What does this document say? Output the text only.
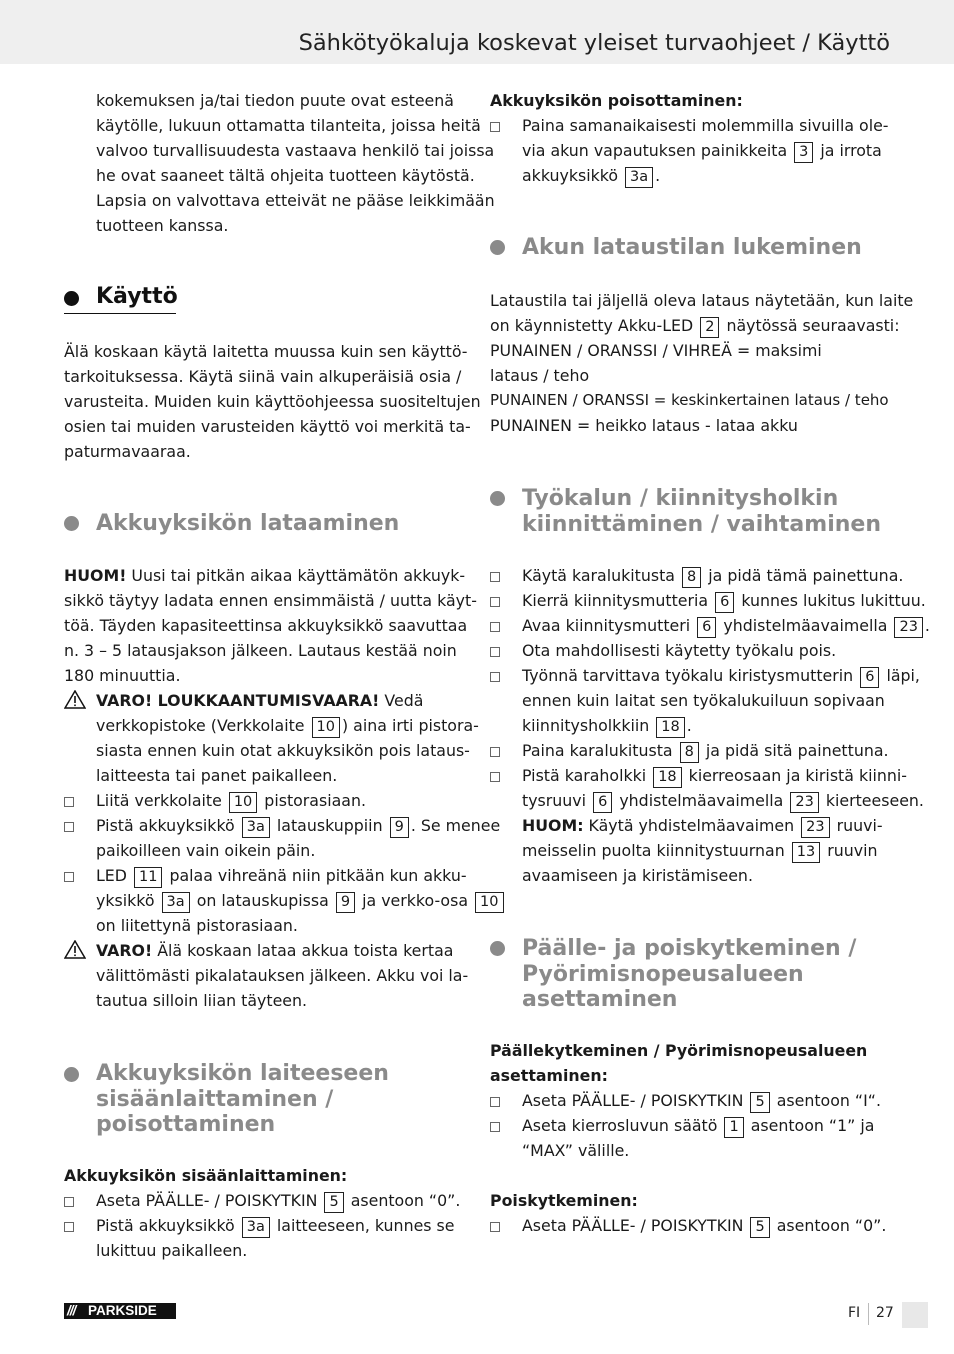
Sähkötyökaluja koskevat yleiset turvaohjeet / Käyttö
kokemuksen ja/tai tiedon puute ovat esteenä
käytölle, lukuun ottamatta tilanteita, joissa heitä
valvoo turvallisuudesta vastaava henkilö tai joissa
he ovat saaneet tältä ohjeita tuotteen käytöstä.
Lapsia on valvottava etteivät ne pääse leikkimään
tuotteen kanssa.
Käyttö
Älä koskaan käytä laitetta muussa kuin sen käyttö-
tarkoituksessa. Käytä siinä vain alkuperäisiä osia /
varusteita. Muiden kuin käyttöohjeessa suositeltujen
osien tai muiden varusteiden käyttö voi merkitä ta-
paturmavaaraa.
Akkuyksikön lataaminen
HUOM! Uusi tai pitkän aikaa käyttämätön akkuyk-
sikkö täytyy ladata ennen ensimmäistä / uutta käyt-
töä. Täyden kapasiteettinsa akkuyksikkö saavuttaa
n. 3 – 5 latausjakson jälkeen. Lautaus kestää noin
180 minuuttia.
VARO! LOUKKAANTUMISVAARA! Vedä
verkkopistoke (Verkkolaite 10 ) aina irti pistora-
siasta ennen kuin otat akkuyksikön pois lataus-
laitteesta tai panet paikalleen.
Liitä verkkolaite 10 pistorasiaan.
Pistä akkuyksikkö 3a latauskuppiin 9 . Se menee
paikoilleen vain oikein päin.
LED 11 palaa vihreänä niin pitkään kun akku-
yksikkö 3a on latauskupissa 9 ja verkko-osa 10
on liitettynä pistorasiaan.
VARO! Älä koskaan lataa akkua toista kertaa
välittömästi pikalatauksen jälkeen. Akku voi la-
tautua silloin liian täyteen.
Akkuyksikön laiteeseen
sisäänlaittaminen /
poisottaminen
Akkuyksikön sisäänlaittaminen:
Aseta PÄÄLLE- / POISKYTKIN 5 asentoon “0”.
Pistä akkuyksikkö 3a laitteeseen, kunnes se
lukittuu paikalleen.
Akkuyksikön poisottaminen:
Paina samanaikaisesti molemmilla sivuilla ole-
via akun vapautuksen painikkeita 3 ja irrota
akkuyksikkö 3a .
Akun lataustilan lukeminen
Lataustila tai jäljellä oleva lataus näytetään, kun laite
on käynnistetty Akku-LED 2 näytössä seuraavasti:
PUNAINEN / ORANSSI / VIHREÄ = maksimi
lataus / teho
PUNAINEN / ORANSSI = keskinkertainen lataus / teho
PUNAINEN = heikko lataus - lataa akku
Työkalun / kiinnitysholkin
kiinnittäminen / vaihtaminen
Käytä karalukitusta 8 ja pidä tämä painettuna.
Kierrä kiinnitysmutteria 6 kunnes lukitus lukittuu.
Avaa kiinnitysmutteri 6 yhdistelmäavaimella 23 .
Ota mahdollisesti käytetty työkalu pois.
Työnnä tarvittava työkalu kiristysmutterin 6 läpi,
ennen kuin laitat sen työkalukuiluun sopivaan
kiinnitysholkkiin 18 .
Paina karalukitusta 8 ja pidä sitä painettuna.
Pistä karaholkki 18 kierreosaan ja kiristä kiinni-
tysruuvi 6 yhdistelmäavaimella 23 kierteeseen.
HUOM: Käytä yhdistelmäavaimen 23 ruuvi-
meisselin puolta kiinnitystuurnan 13 ruuvin
avaamiseen ja kiristämiseen.
Päälle- ja poiskytkeminen /
Pyörimisnopeusalueen
asettaminen
Päällekytkeminen / Pyörimisnopeusalueen
asettaminen:
Aseta PÄÄLLE- / POISKYTKIN 5 asentoon “I“.
Aseta kierrosluvun säätö 1 asentoon “1” ja
“MAX” välille.
Poiskytkeminen:
Aseta PÄÄLLE- / POISKYTKIN 5 asentoon “0”.
/// PARKSIDE	FI 27
